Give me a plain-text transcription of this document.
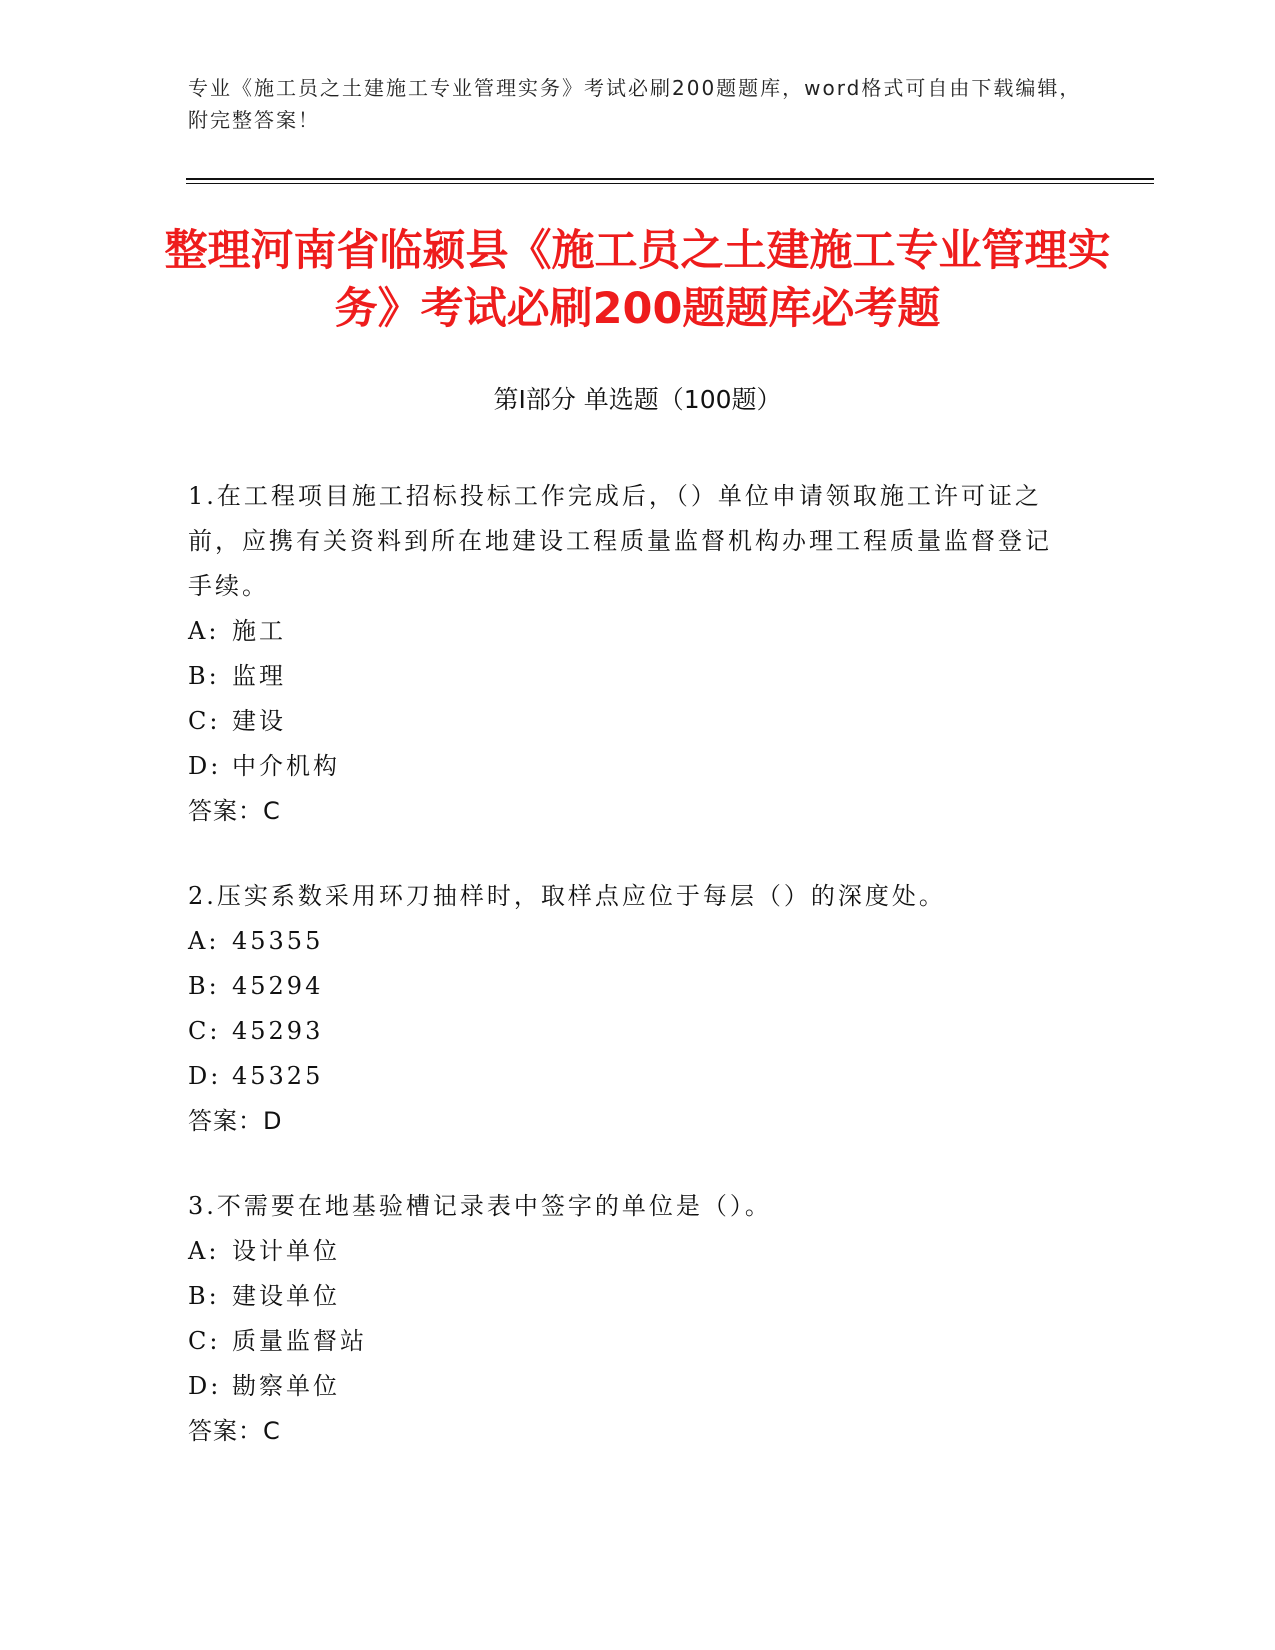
专业《施工员之土建施工专业管理实务》考试必刷200题题库，word格式可自由下载编辑，附完整答案！
整理河南省临颍县《施工员之土建施工专业管理实务》考试必刷200题题库必考题
第Ⅰ部分 单选题（100题）

1.在工程项目施工招标投标工作完成后，（）单位申请领取施工许可证之前，应携有关资料到所在地建设工程质量监督机构办理工程质量监督登记手续。

A: 施工
B: 监理
C: 建设
D: 中介机构
答案：C

2.压实系数采用环刀抽样时，取样点应位于每层（）的深度处。

A: 45355
B: 45294
C: 45293
D: 45325
答案：D

3.不需要在地基验槽记录表中签字的单位是（）。

A: 设计单位
B: 建设单位
C: 质量监督站
D: 勘察单位
答案：C
